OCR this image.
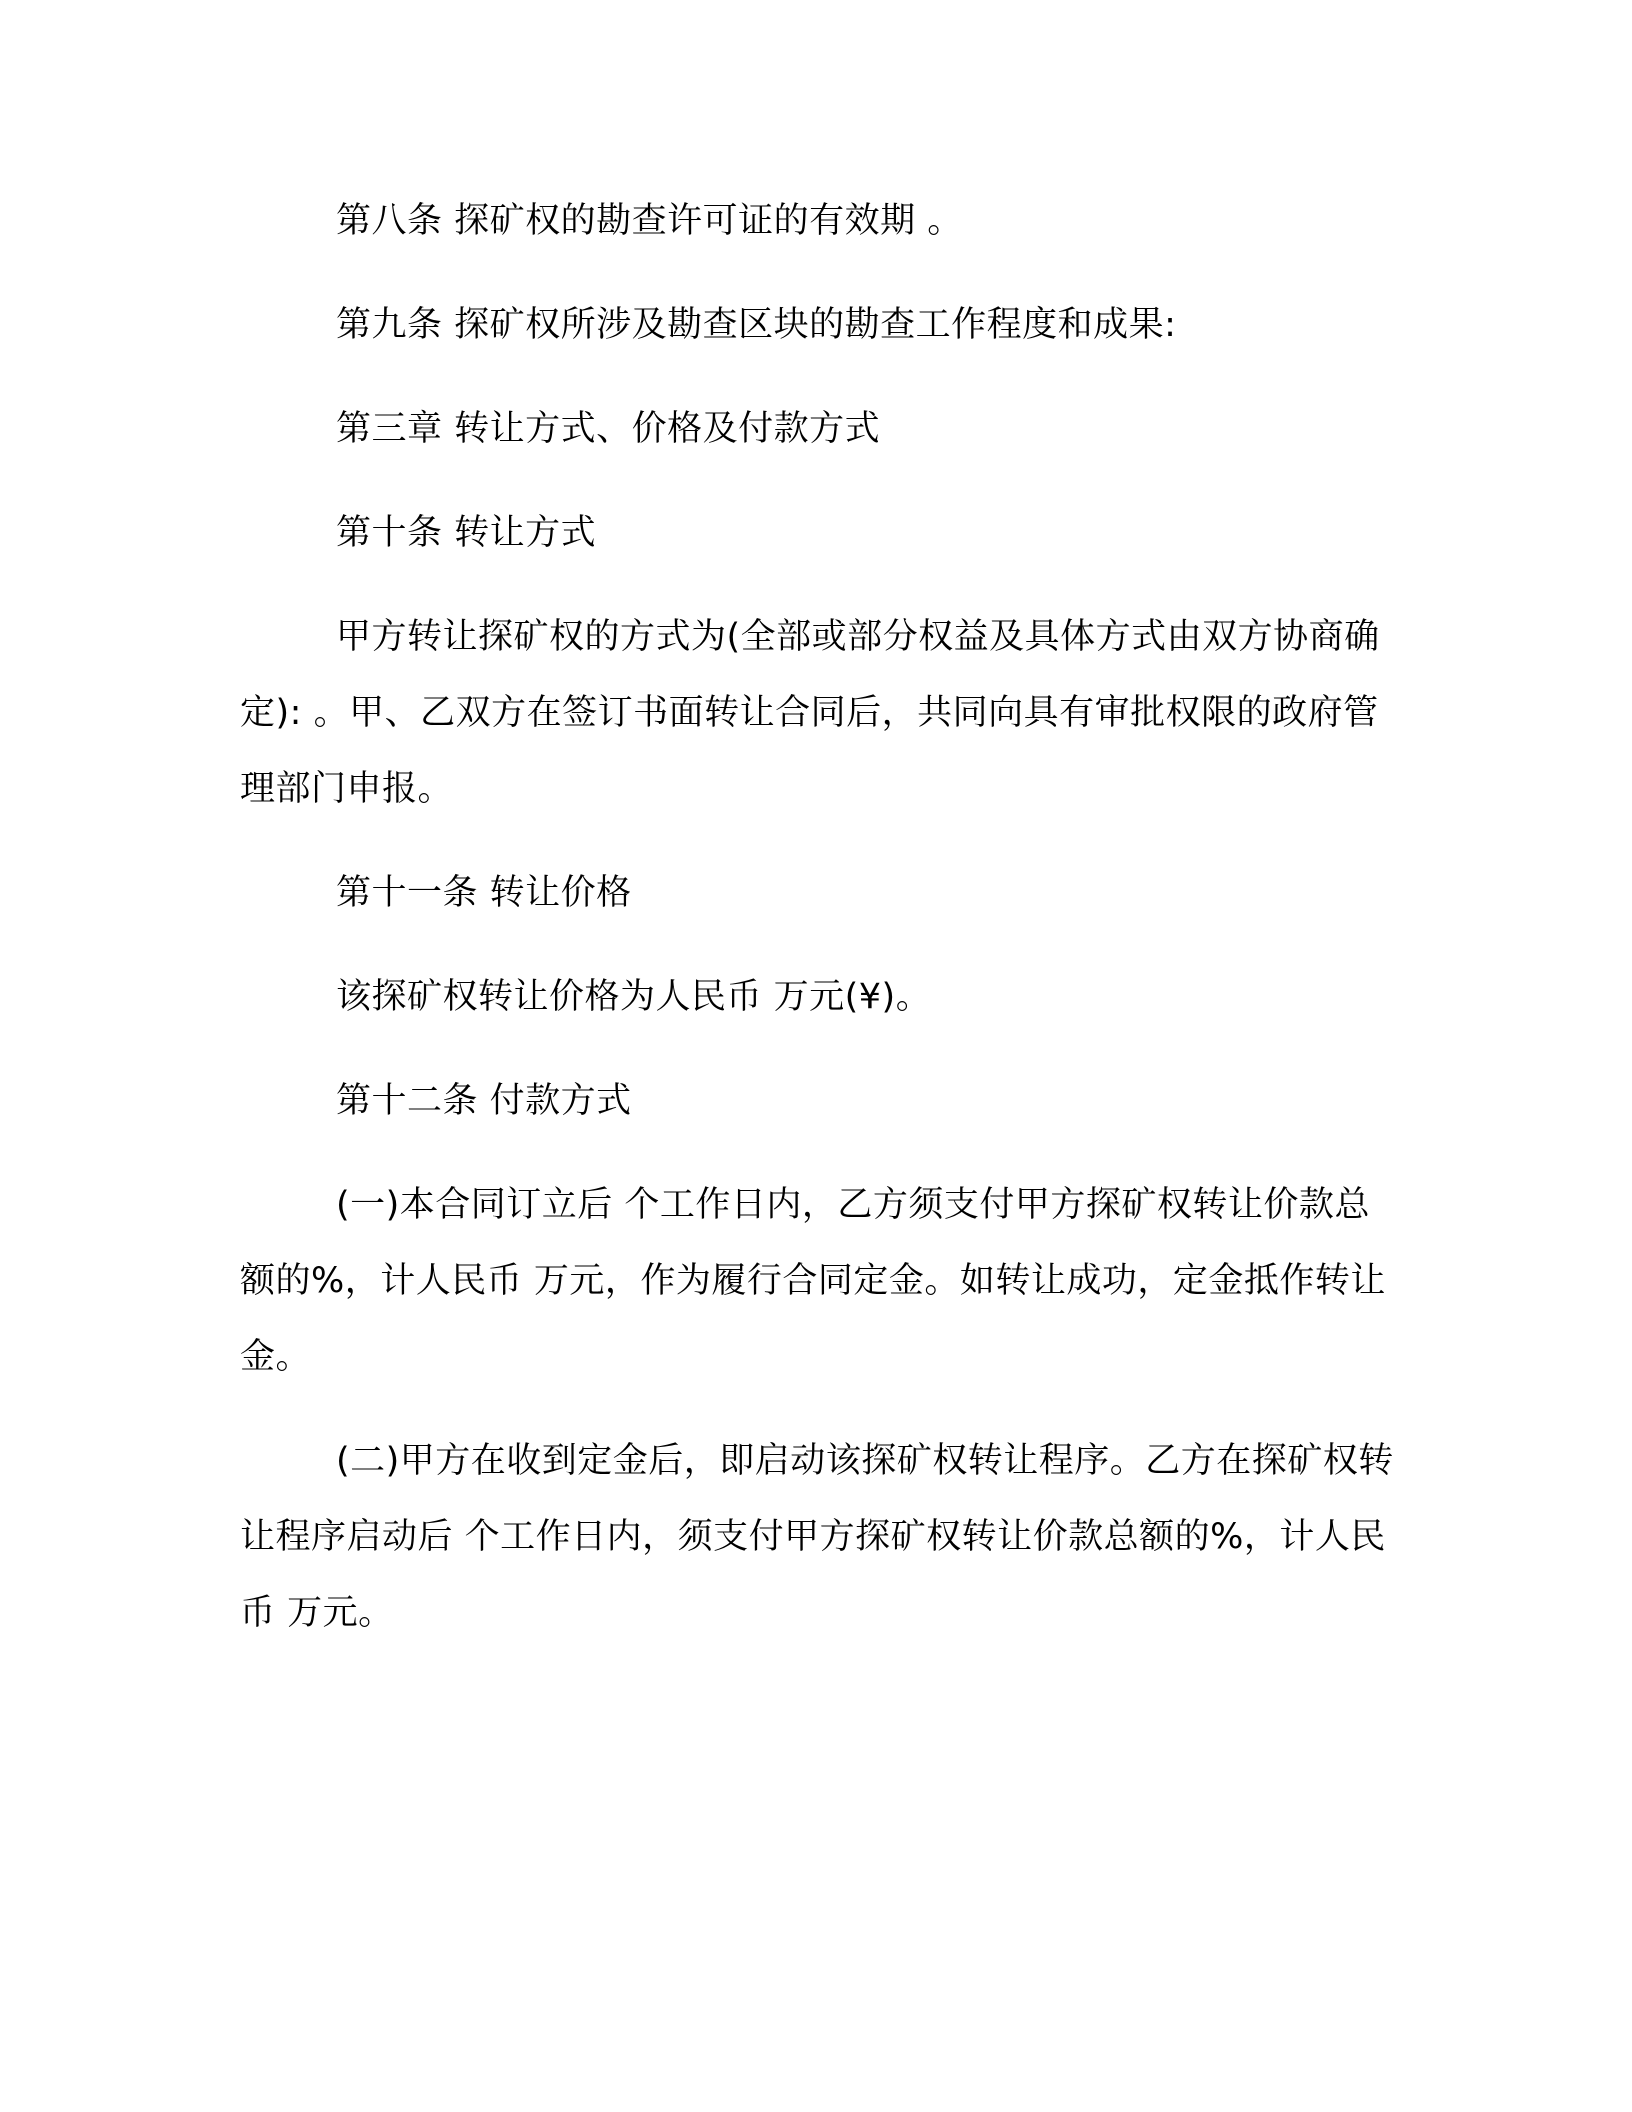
第八条 探矿权的勘查许可证的有效期 。

第九条 探矿权所涉及勘查区块的勘查工作程度和成果:

第三章 转让方式、价格及付款方式

第十条 转让方式

甲方转让探矿权的方式为(全部或部分权益及具体方式由双方协商确定): 。甲、乙双方在签订书面转让合同后，共同向具有审批权限的政府管理部门申报。

第十一条 转让价格

该探矿权转让价格为人民币 万元(¥)。

第十二条 付款方式

(一)本合同订立后 个工作日内，乙方须支付甲方探矿权转让价款总额的%，计人民币 万元，作为履行合同定金。如转让成功，定金抵作转让金。

(二)甲方在收到定金后，即启动该探矿权转让程序。乙方在探矿权转让程序启动后 个工作日内，须支付甲方探矿权转让价款总额的%，计人民币 万元。
